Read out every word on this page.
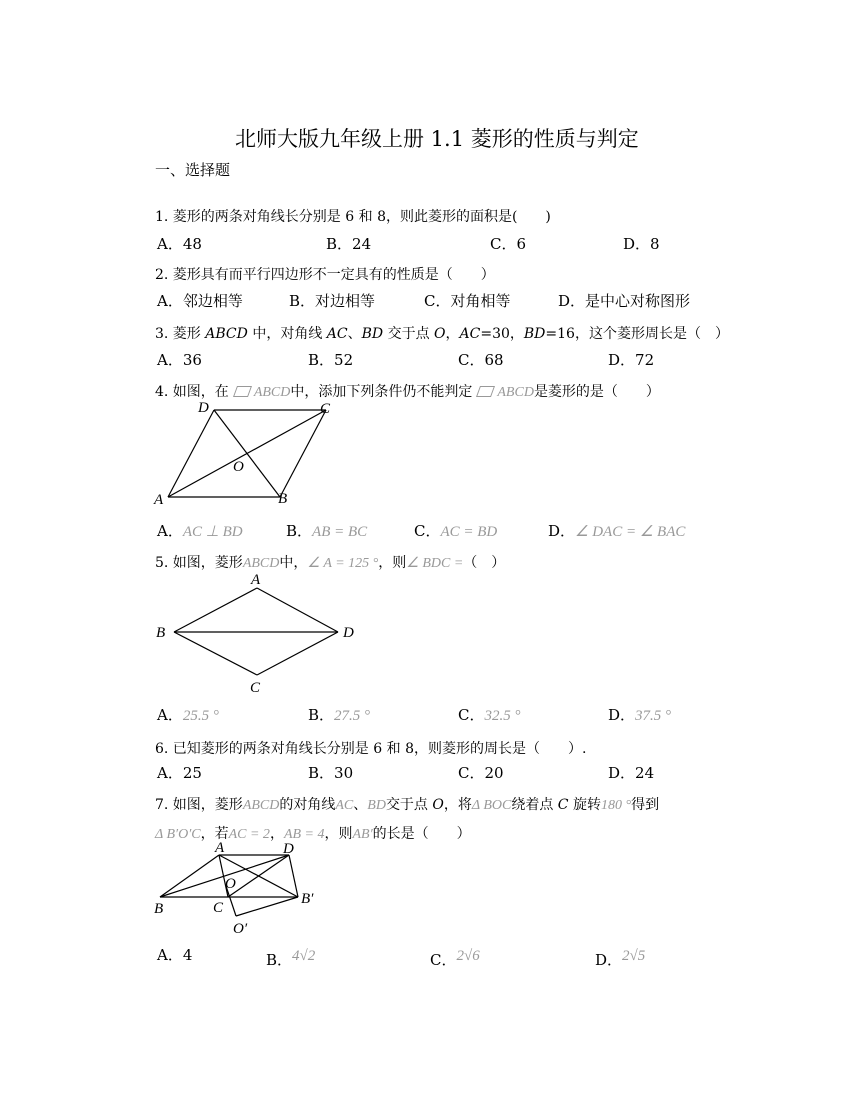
北师大版九年级上册 1.1 菱形的性质与判定
一、选择题
1. 菱形的两条对角线长分别是 6 和 8，则此菱形的面积是(　　)
A．48	B．24	C．6	D．8
2. 菱形具有而平行四边形不一定具有的性质是（　　）
A．邻边相等	B．对边相等	C．对角相等	D．是中心对称图形
3. 菱形 ABCD 中，对角线 AC、BD 交于点 O，AC=30，BD=16，这个菱形周长是（　）
A．36	B．52	C．68	D．72
4. 如图，在 ABCD中，添加下列条件仍不能判定 ABCD是菱形的是（　　）
D	C
O
A	B
A．AC ⊥ BD	B．AB = BC	C．AC = BD	D．∠ DAC = ∠ BAC
5. 如图，菱形ABCD中，∠ A = 125 °，则∠ BDC =（　）
A
B
C
D
A．25.5 °	B．27.5 °	C．32.5 °	D．37.5 °
6. 已知菱形的两条对角线长分别是 6 和 8，则菱形的周长是（　　）.
A．25	B．30	C．20	D．24
7. 如图，菱形ABCD的对角线AC、BD交于点 O，将Δ BOC绕着点 C 旋转180 °得到
Δ B′O′C，若AC = 2，AB = 4，则AB′的长是（　　）
A	D
O
B	C
B′
O′
A．4	B．4√2	C．2√6	D．2√5
